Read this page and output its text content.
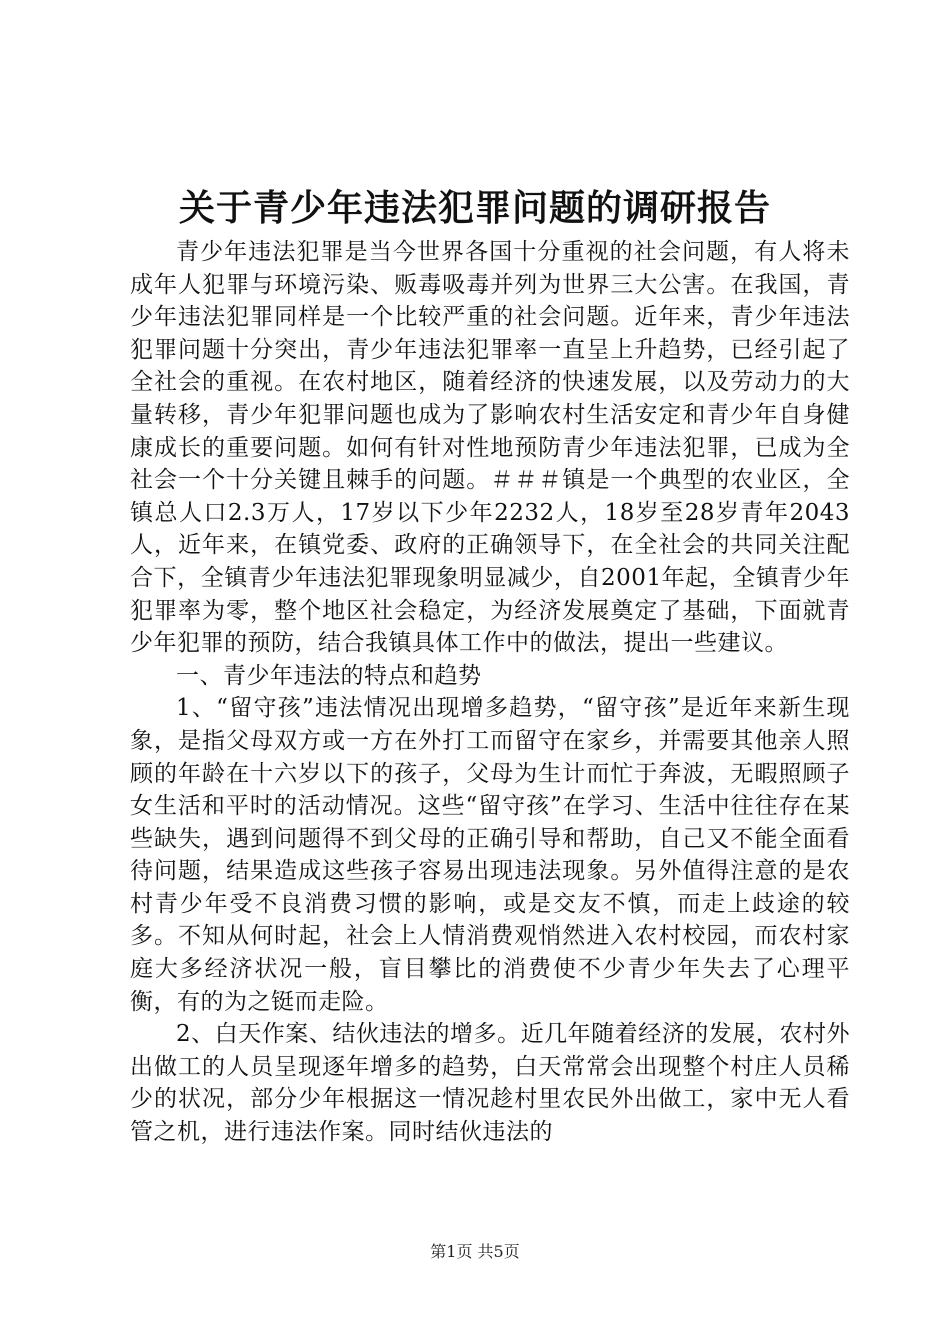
关于青少年违法犯罪问题的调研报告

青少年违法犯罪是当今世界各国十分重视的社会问题，有人将未成年人犯罪与环境污染、贩毒吸毒并列为世界三大公害。在我国，青少年违法犯罪同样是一个比较严重的社会问题。近年来，青少年违法犯罪问题十分突出，青少年违法犯罪率一直呈上升趋势，已经引起了全社会的重视。在农村地区，随着经济的快速发展，以及劳动力的大量转移，青少年犯罪问题也成为了影响农村生活安定和青少年自身健康成长的重要问题。如何有针对性地预防青少年违法犯罪，已成为全社会一个十分关键且棘手的问题。＃＃＃镇是一个典型的农业区，全镇总人口2.3万人，17岁以下少年2232人，18岁至28岁青年2043人，近年来，在镇党委、政府的正确领导下，在全社会的共同关注配合下，全镇青少年违法犯罪现象明显减少，自2001年起，全镇青少年犯罪率为零，整个地区社会稳定，为经济发展奠定了基础，下面就青少年犯罪的预防，结合我镇具体工作中的做法，提出一些建议。

一、青少年违法的特点和趋势

1、“留守孩”违法情况出现增多趋势，“留守孩”是近年来新生现象，是指父母双方或一方在外打工而留守在家乡，并需要其他亲人照顾的年龄在十六岁以下的孩子，父母为生计而忙于奔波，无暇照顾子女生活和平时的活动情况。这些“留守孩”在学习、生活中往往存在某些缺失，遇到问题得不到父母的正确引导和帮助，自己又不能全面看待问题，结果造成这些孩子容易出现违法现象。另外值得注意的是农村青少年受不良消费习惯的影响，或是交友不慎，而走上歧途的较多。不知从何时起，社会上人情消费观悄然进入农村校园，而农村家庭大多经济状况一般，盲目攀比的消费使不少青少年失去了心理平衡，有的为之铤而走险。

2、白天作案、结伙违法的增多。近几年随着经济的发展，农村外出做工的人员呈现逐年增多的趋势，白天常常会出现整个村庄人员稀少的状况，部分少年根据这一情况趁村里农民外出做工，家中无人看管之机，进行违法作案。同时结伙违法的

第1页 共5页
